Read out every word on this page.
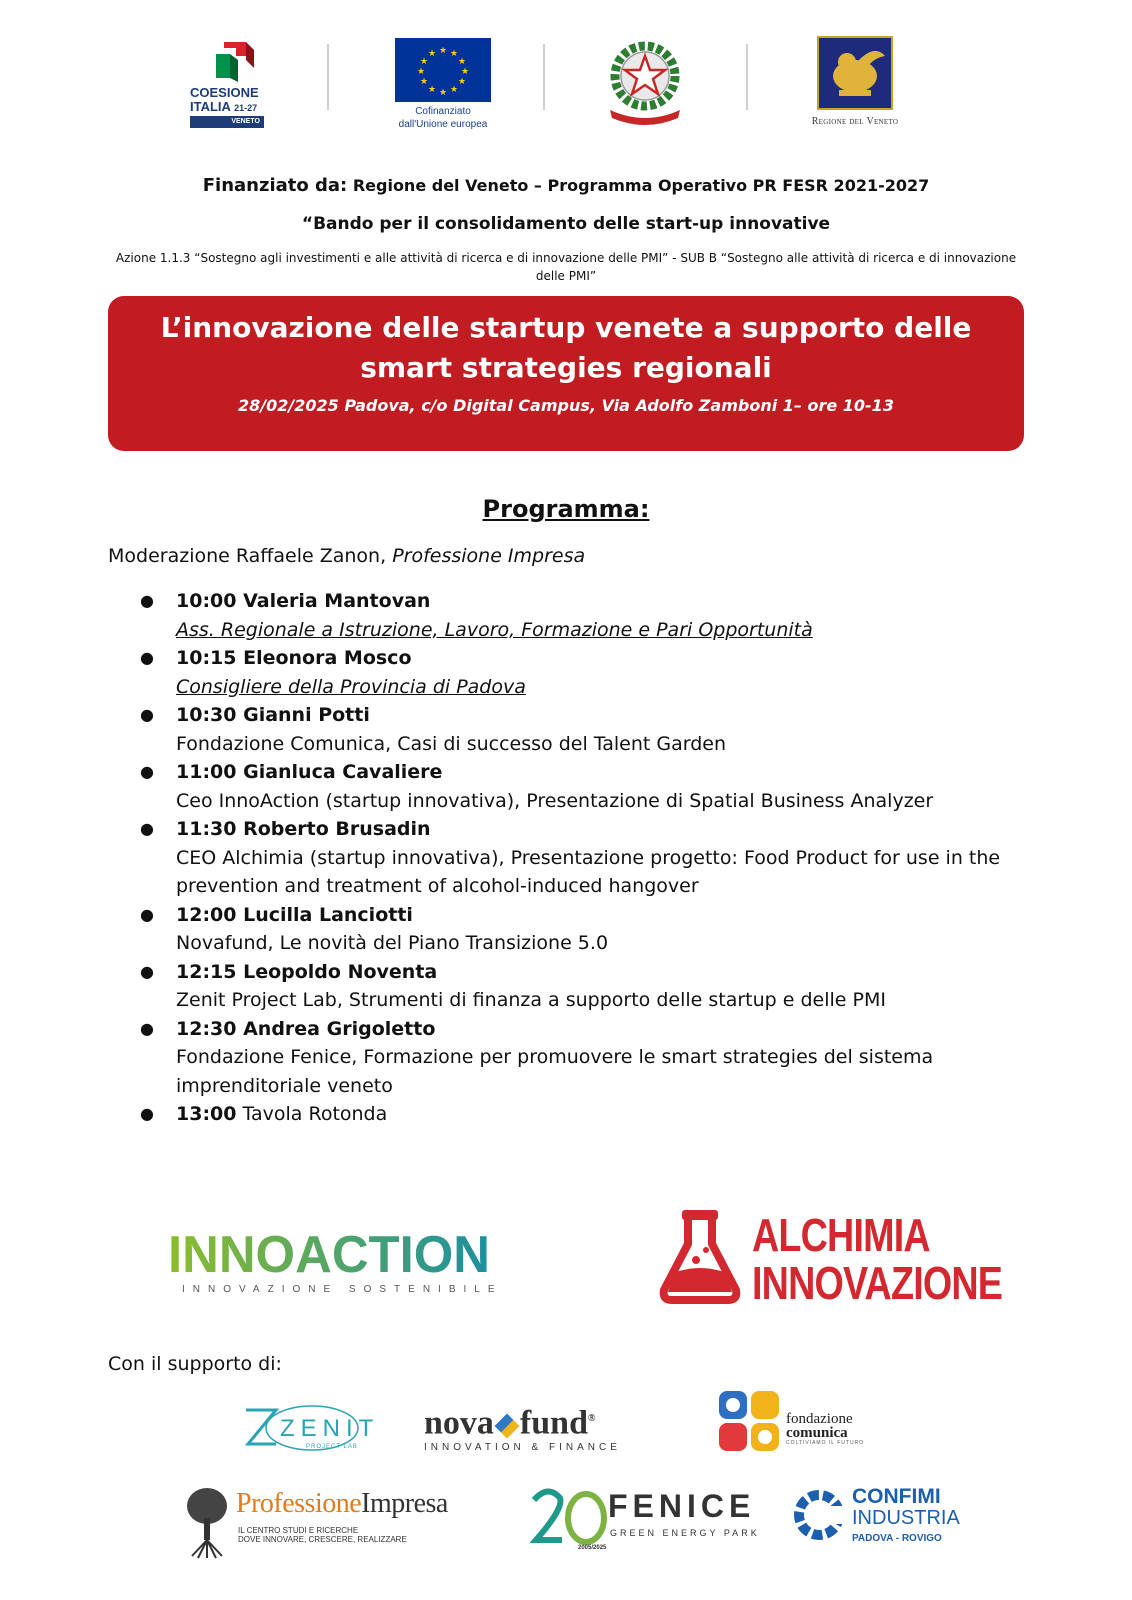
COESIONE
ITALIA 21-27
VENETO
★ ★
★
★
★
★
★
★
★
★
★
★
Cofinanziato
dall'Unione europea	Regione del Veneto
Finanziato da: Regione del Veneto – Programma Operativo PR FESR 2021-2027
“Bando per il consolidamento delle start-up innovative
Azione 1.1.3 “Sostegno agli investimenti e alle attività di ricerca e di innovazione delle PMI” - SUB B “Sostegno alle attività di ricerca e di innovazione delle PMI”
L’innovazione delle startup venete a supporto delle
smart strategies regionali
28/02/2025 Padova, c/o Digital Campus, Via Adolfo Zamboni 1– ore 10-13
Programma:
Moderazione Raffaele Zanon, Professione Impresa
● 10:00 Valeria Mantovan
Ass. Regionale a Istruzione, Lavoro, Formazione e Pari Opportunità
● 10:15 Eleonora Mosco
Consigliere della Provincia di Padova
● 10:30 Gianni Potti
Fondazione Comunica, Casi di successo del Talent Garden
● 11:00 Gianluca Cavaliere
Ceo InnoAction (startup innovativa), Presentazione di Spatial Business Analyzer
● 11:30 Roberto Brusadin
CEO Alchimia (startup innovativa), Presentazione progetto: Food Product for use in the prevention and treatment of alcohol-induced hangover
● 12:00 Lucilla Lanciotti
Novafund, Le novità del Piano Transizione 5.0
● 12:15 Leopoldo Noventa
Zenit Project Lab, Strumenti di finanza a supporto delle startup e delle PMI
● 12:30 Andrea Grigoletto
Fondazione Fenice, Formazione per promuovere le smart strategies del sistema imprenditoriale veneto
● 13:00 Tavola Rotonda
INNOACTION
INNOVAZIONE SOSTENIBILE
ALCHIMIA
INNOVAZIONE
Con il supporto di:
ZENIT
PROJECT LAB
nova fund®
INNOVATION & FINANCE
fondazione
comunica
COLTIVIAMO IL FUTURO
ProfessioneImpresa
IL CENTRO STUDI E RICERCHE
DOVE INNOVARE, CRESCERE, REALIZZARE
FENICE
GREEN ENERGY PARK
2005/2025
CONFIMI
INDUSTRIA
PADOVA - ROVIGO
